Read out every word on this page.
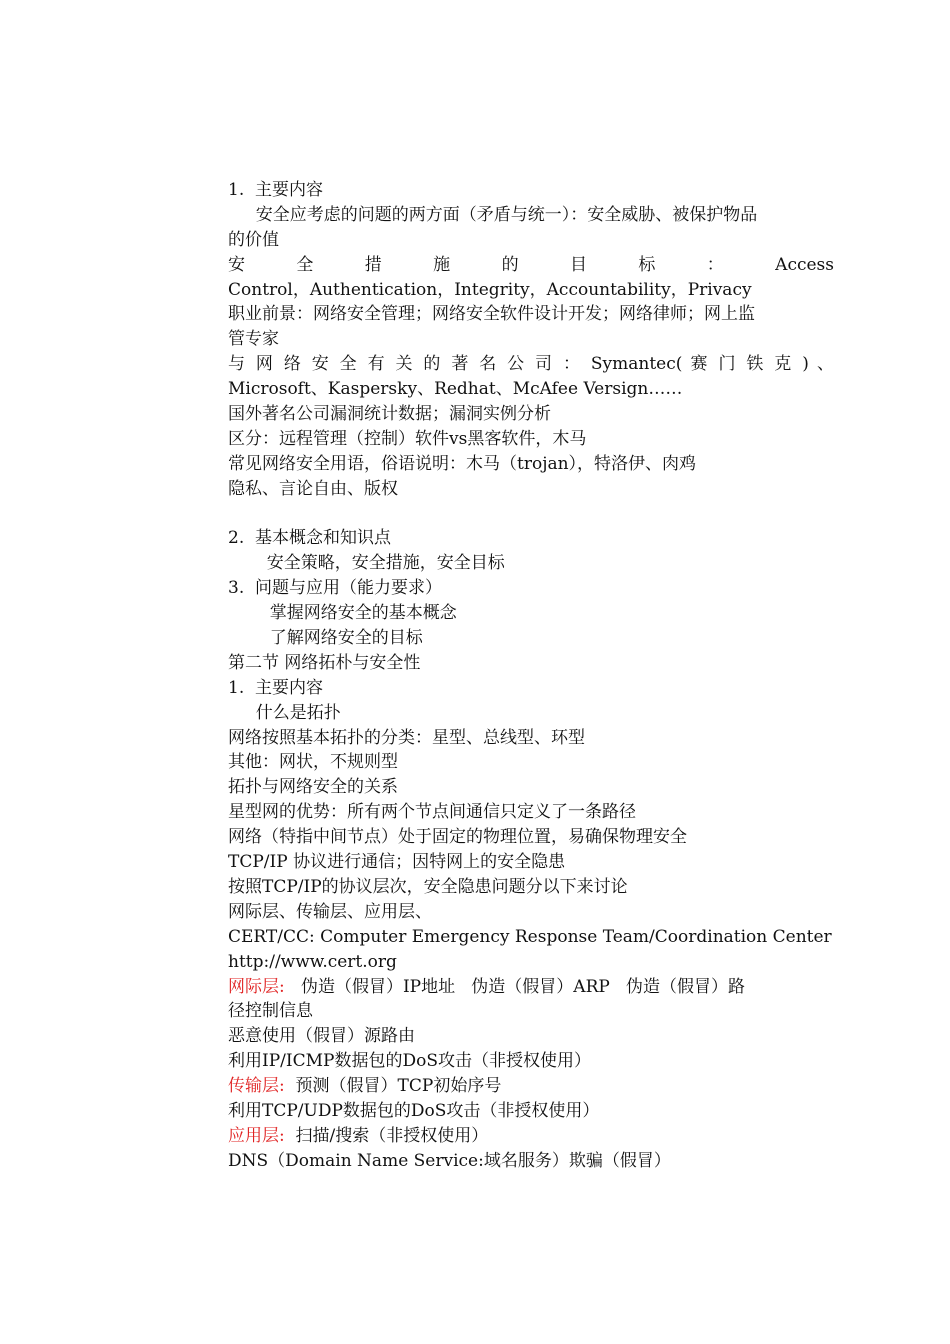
1.  主要内容
安全应考虑的问题的两方面（矛盾与统一）：安全威胁、被保护物品
的价值
安  全  措  施  的  目  标  ：  Access
Control，Authentication，Integrity，Accountability，Privacy
职业前景：网络安全管理；网络安全软件设计开发；网络律师；网上监
管专家
与 网 络 安 全 有 关 的 著 名 公 司 ： Symantec( 赛 门 铁 克 ) 、
Microsoft、Kaspersky、Redhat、McAfee Versign……
国外著名公司漏洞统计数据；漏洞实例分析
区分：远程管理（控制）软件vs黑客软件，木马
常见网络安全用语，俗语说明：木马（trojan），特洛伊、肉鸡
隐私、言论自由、版权
2.  基本概念和知识点
安全策略，安全措施，安全目标
3.  问题与应用（能力要求）
掌握网络安全的基本概念
了解网络安全的目标
第二节 网络拓朴与安全性
1.  主要内容
什么是拓扑
网络按照基本拓扑的分类：星型、总线型、环型
其他：网状，不规则型
拓扑与网络安全的关系
星型网的优势：所有两个节点间通信只定义了一条路径
网络（特指中间节点）处于固定的物理位置，易确保物理安全
TCP/IP 协议进行通信；因特网上的安全隐患
按照TCP/IP的协议层次，安全隐患问题分以下来讨论
网际层、传输层、应用层、
CERT/CC: Computer Emergency Response Team/Coordination Center
http://www.cert.org
网际层:   伪造（假冒）IP地址   伪造（假冒）ARP   伪造（假冒）路
径控制信息
恶意使用（假冒）源路由
利用IP/ICMP数据包的DoS攻击（非授权使用）
传输层:  预测（假冒）TCP初始序号
利用TCP/UDP数据包的DoS攻击（非授权使用）
应用层:  扫描/搜索（非授权使用）
DNS（Domain Name Service:域名服务）欺骗（假冒）
